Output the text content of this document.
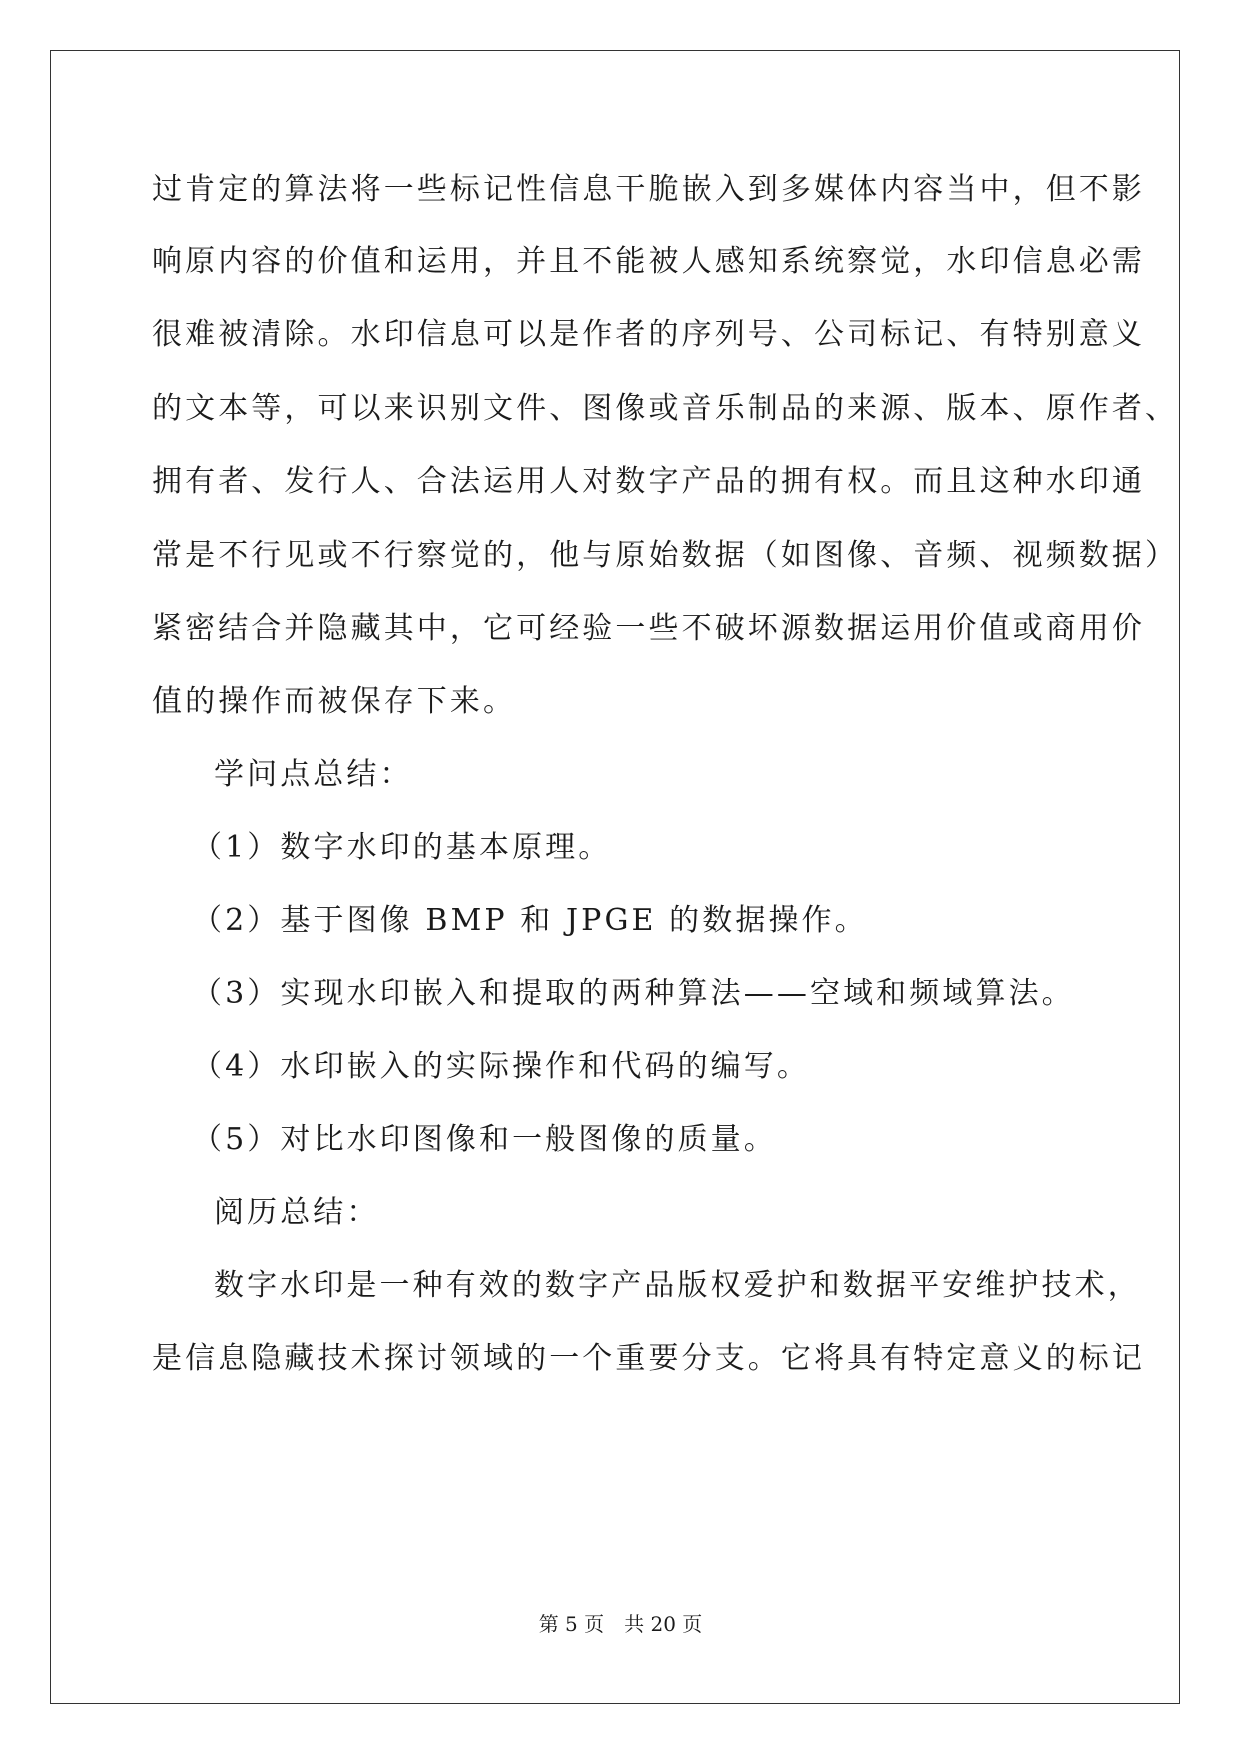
过肯定的算法将一些标记性信息干脆嵌入到多媒体内容当中，但不影
响原内容的价值和运用，并且不能被人感知系统察觉，水印信息必需
很难被清除。水印信息可以是作者的序列号、公司标记、有特别意义
的文本等，可以来识别文件、图像或音乐制品的来源、版本、原作者、
拥有者、发行人、合法运用人对数字产品的拥有权。而且这种水印通
常是不行见或不行察觉的，他与原始数据（如图像、音频、视频数据）
紧密结合并隐藏其中，它可经验一些不破坏源数据运用价值或商用价
值的操作而被保存下来。
学问点总结：
（1）数字水印的基本原理。
（2）基于图像 BMP 和 JPGE 的数据操作。
（3）实现水印嵌入和提取的两种算法——空域和频域算法。
（4）水印嵌入的实际操作和代码的编写。
（5）对比水印图像和一般图像的质量。
阅历总结：
数字水印是一种有效的数字产品版权爱护和数据平安维护技术，
是信息隐藏技术探讨领域的一个重要分支。它将具有特定意义的标记
第 5 页 共 20 页
